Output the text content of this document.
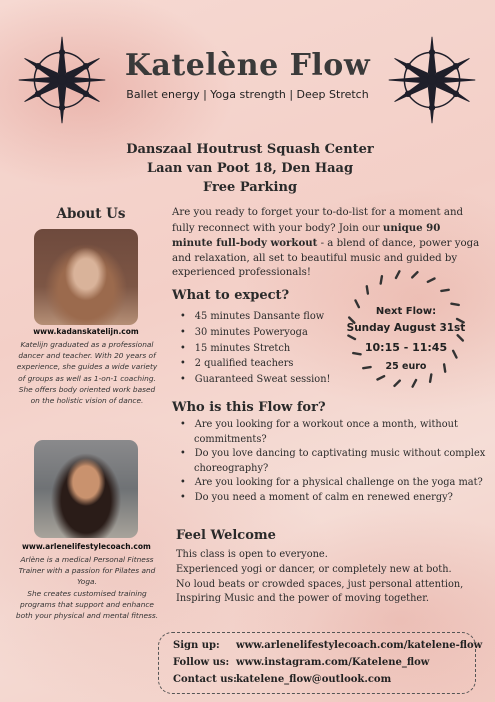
Katelène Flow
Ballet energy | Yoga strength | Deep Stretch
Danszaal Houtrust Squash Center
Laan van Poot 18, Den Haag
Free Parking
About Us
www.kadanskatelijn.com
Katelijn graduated as a professional dancer and teacher. With 20 years of experience, she guides a wide variety of groups as well as 1-on-1 coaching. She offers body oriented work based on the holistic vision of dance.
www.arlenelifestylecoach.com
Arlène is a medical Personal Fitness Trainer with a passion for Pilates and Yoga.
She creates customised training programs that support and enhance both your physical and mental fitness.
Are you ready to forget your to-do-list for a moment and fully reconnect with your body? Join our unique 90 minute full-body workout - a blend of dance, power yoga and relaxation, all set to beautiful music and guided by experienced professionals!
What to expect?
• 45 minutes Dansante flow
• 30 minutes Poweryoga
• 15 minutes Stretch
• 2 qualified teachers
• Guaranteed Sweat session!
Next Flow:
Sunday August 31st
10:15 - 11:45
25 euro
Who is this Flow for?
• Are you looking for a workout once a month, without commitments?
• Do you love dancing to captivating music without complex choreography?
• Are you looking for a physical challenge on the yoga mat?
• Do you need a moment of calm en renewed energy?
Feel Welcome
This class is open to everyone.
Experienced yogi or dancer, or completely new at both.
No loud beats or crowded spaces, just personal attention,
Inspiring Music and the power of moving together.
Sign up: www.arlenelifestylecoach.com/katelene-flow
Follow us: www.instagram.com/Katelene_flow
Contact us:katelene_flow@outlook.com
